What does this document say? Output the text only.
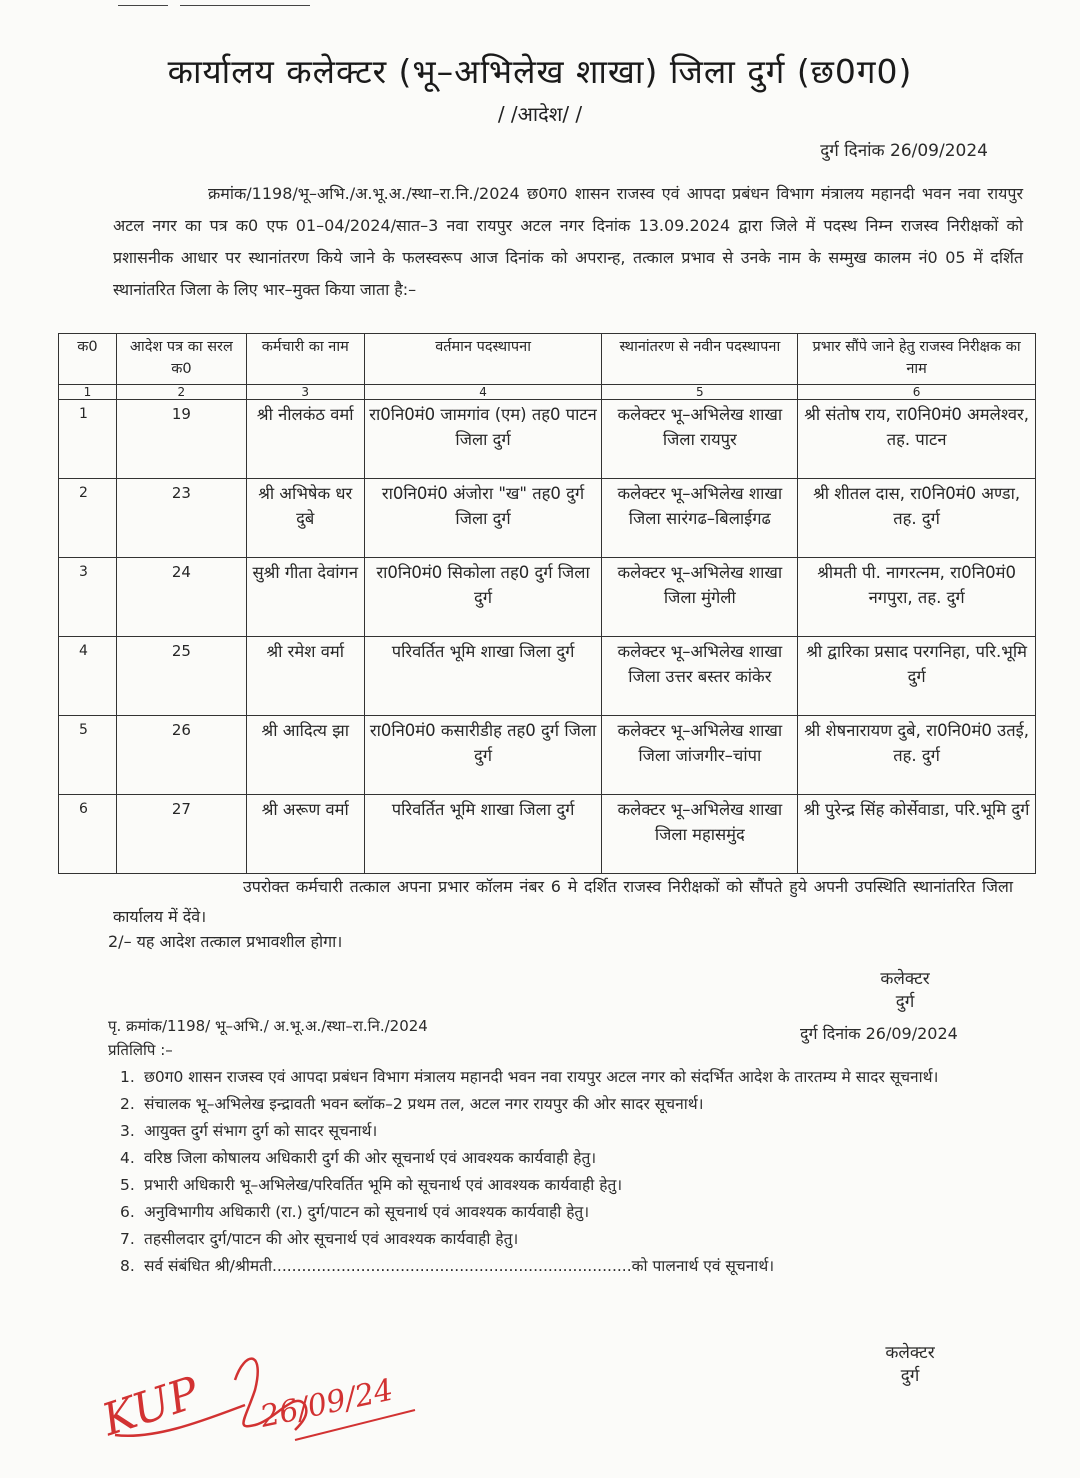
कार्यालय कलेक्टर (भू–अभिलेख शाखा) जिला दुर्ग (छ0ग0)
/ /आदेश/ /
दुर्ग दिनांक 26/09/2024
क्रमांक/1198/भू–अभि./अ.भू.अ./स्था–रा.नि./2024 छ0ग0 शासन राजस्व एवं आपदा प्रबंधन विभाग मंत्रालय महानदी भवन नवा रायपुर अटल नगर का पत्र क0 एफ 01–04/2024/सात–3 नवा रायपुर अटल नगर दिनांक 13.09.2024 द्वारा जिले में पदस्थ निम्न राजस्व निरीक्षकों को प्रशासनीक आधार पर स्थानांतरण किये जाने के फलस्वरूप आज दिनांक को अपरान्ह, तत्काल प्रभाव से उनके नाम के सम्मुख कालम नं0 05 में दर्शित स्थानांतरित जिला के लिए भार–मुक्त किया जाता है:–
क0	आदेश पत्र का सरल क0	कर्मचारी का नाम	वर्तमान पदस्थापना	स्थानांतरण से नवीन पदस्थापना	प्रभार सौंपे जाने हेतु राजस्व निरीक्षक का नाम
1	2	3	4	5	6
1	19	श्री नीलकंठ वर्मा	रा0नि0मं0 जामगांव (एम) तह0 पाटन जिला दुर्ग	कलेक्टर भू–अभिलेख शाखा जिला रायपुर	श्री संतोष राय, रा0नि0मं0 अमलेश्वर, तह. पाटन
2	23	श्री अभिषेक धर दुबे	रा0नि0मं0 अंजोरा "ख" तह0 दुर्ग जिला दुर्ग	कलेक्टर भू–अभिलेख शाखा जिला सारंगढ–बिलाईगढ	श्री शीतल दास, रा0नि0मं0 अण्डा, तह. दुर्ग
3	24	सुश्री गीता देवांगन	रा0नि0मं0 सिकोला तह0 दुर्ग जिला दुर्ग	कलेक्टर भू–अभिलेख शाखा जिला मुंगेली	श्रीमती पी. नागरत्नम, रा0नि0मं0 नगपुरा, तह. दुर्ग
4	25	श्री रमेश वर्मा	परिवर्तित भूमि शाखा जिला दुर्ग	कलेक्टर भू–अभिलेख शाखा जिला उत्तर बस्तर कांकेर	श्री द्वारिका प्रसाद परगनिहा, परि.भूमि दुर्ग
5	26	श्री आदित्य झा	रा0नि0मं0 कसारीडीह तह0 दुर्ग जिला दुर्ग	कलेक्टर भू–अभिलेख शाखा जिला जांजगीर–चांपा	श्री शेषनारायण दुबे, रा0नि0मं0 उतई, तह. दुर्ग
6	27	श्री अरूण वर्मा	परिवर्तित भूमि शाखा जिला दुर्ग	कलेक्टर भू–अभिलेख शाखा जिला महासमुंद	श्री पुरेन्द्र सिंह कोर्सेवाडा, परि.भूमि दुर्ग
उपरोक्त कर्मचारी तत्काल अपना प्रभार कॉलम नंबर 6 मे दर्शित राजस्व निरीक्षकों को सौंपते हुये अपनी उपस्थिति स्थानांतरित जिला कार्यालय में देंवे।
2/– यह आदेश तत्काल प्रभावशील होगा।
कलेक्टर
दुर्ग
पृ. क्रमांक/1198/ भू–अभि./ अ.भू.अ./स्था–रा.नि./2024
प्रतिलिपि :–
दुर्ग दिनांक 26/09/2024
1. छ0ग0 शासन राजस्व एवं आपदा प्रबंधन विभाग मंत्रालय महानदी भवन नवा रायपुर अटल नगर को संदर्भित आदेश के तारतम्य मे सादर सूचनार्थ।
2. संचालक भू–अभिलेख इन्द्रावती भवन ब्लॉक–2 प्रथम तल, अटल नगर रायपुर की ओर सादर सूचनार्थ।
3. आयुक्त दुर्ग संभाग दुर्ग को सादर सूचनार्थ।
4. वरिष्ठ जिला कोषालय अधिकारी दुर्ग की ओर सूचनार्थ एवं आवश्यक कार्यवाही हेतु।
5. प्रभारी अधिकारी भू–अभिलेख/परिवर्तित भूमि को सूचनार्थ एवं आवश्यक कार्यवाही हेतु।
6. अनुविभागीय अधिकारी (रा.) दुर्ग/पाटन को सूचनार्थ एवं आवश्यक कार्यवाही हेतु।
7. तहसीलदार दुर्ग/पाटन की ओर सूचनार्थ एवं आवश्यक कार्यवाही हेतु।
8. सर्व संबंधित श्री/श्रीमती.........................................................................को पालनार्थ एवं सूचनार्थ।
कलेक्टर
दुर्ग
KUP 26/09/24
